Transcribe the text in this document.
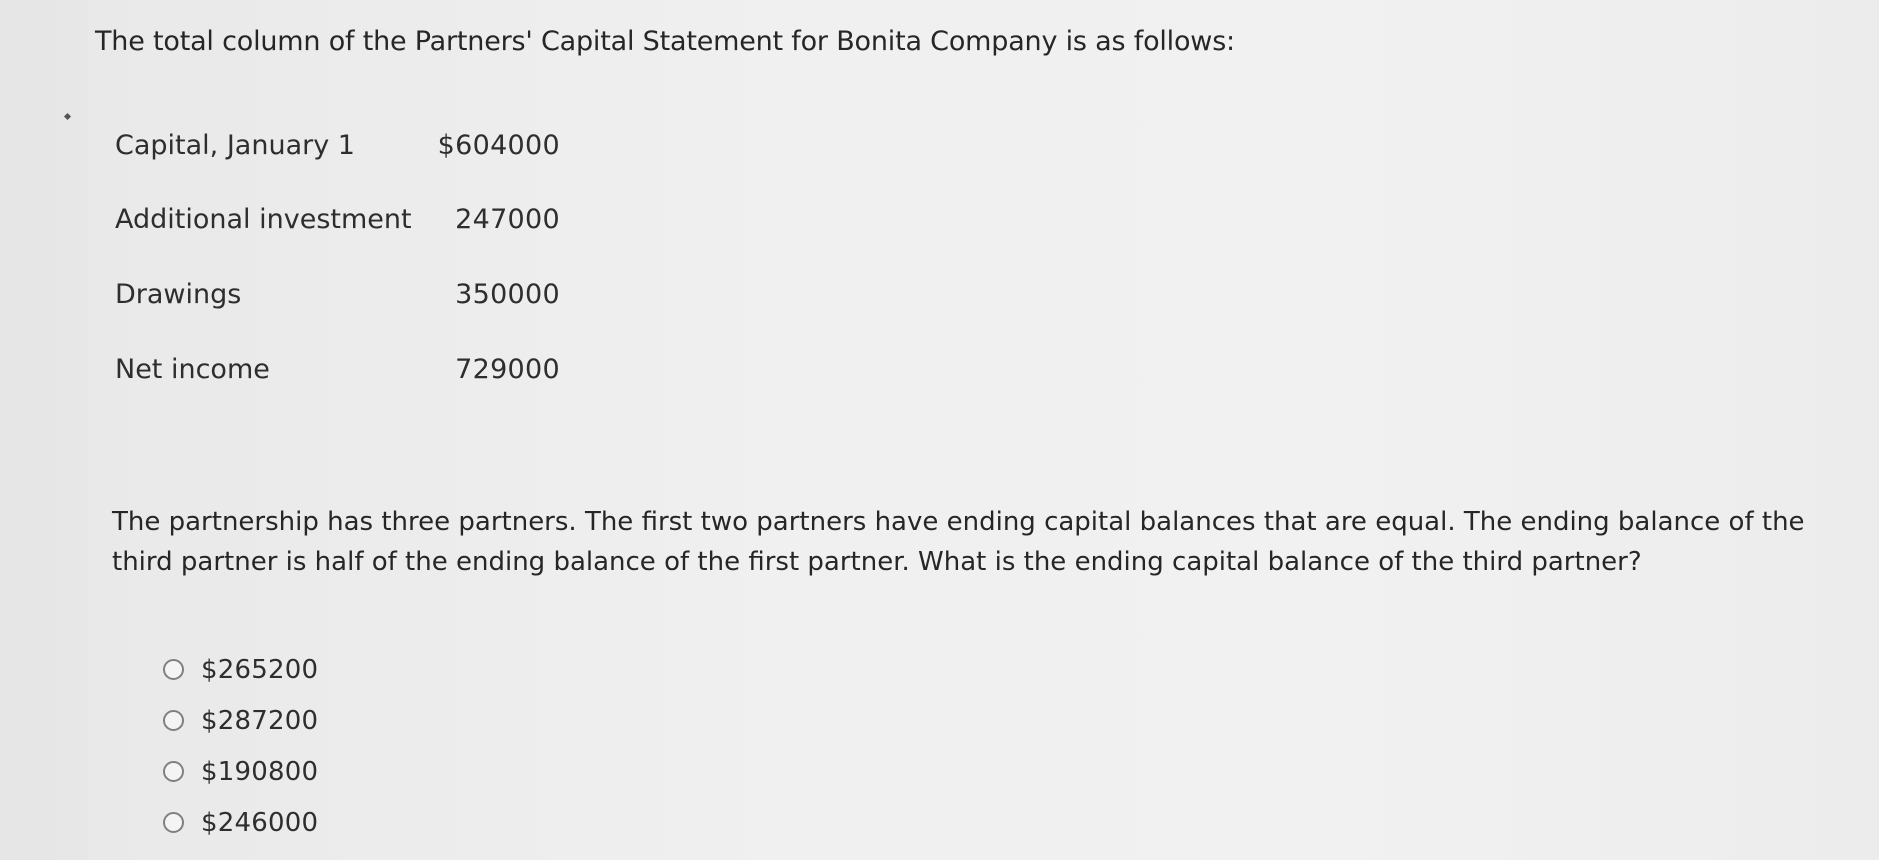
The total column of the Partners' Capital Statement for Bonita Company is as follows:
Capital, January 1	$604000
Additional investment 247000
Drawings	350000
Net income	729000
The partnership has three partners. The first two partners have ending capital balances that are equal. The ending balance of the third partner is half of the ending balance of the first partner. What is the ending capital balance of the third partner?
$265200
$287200
$190800
$246000
